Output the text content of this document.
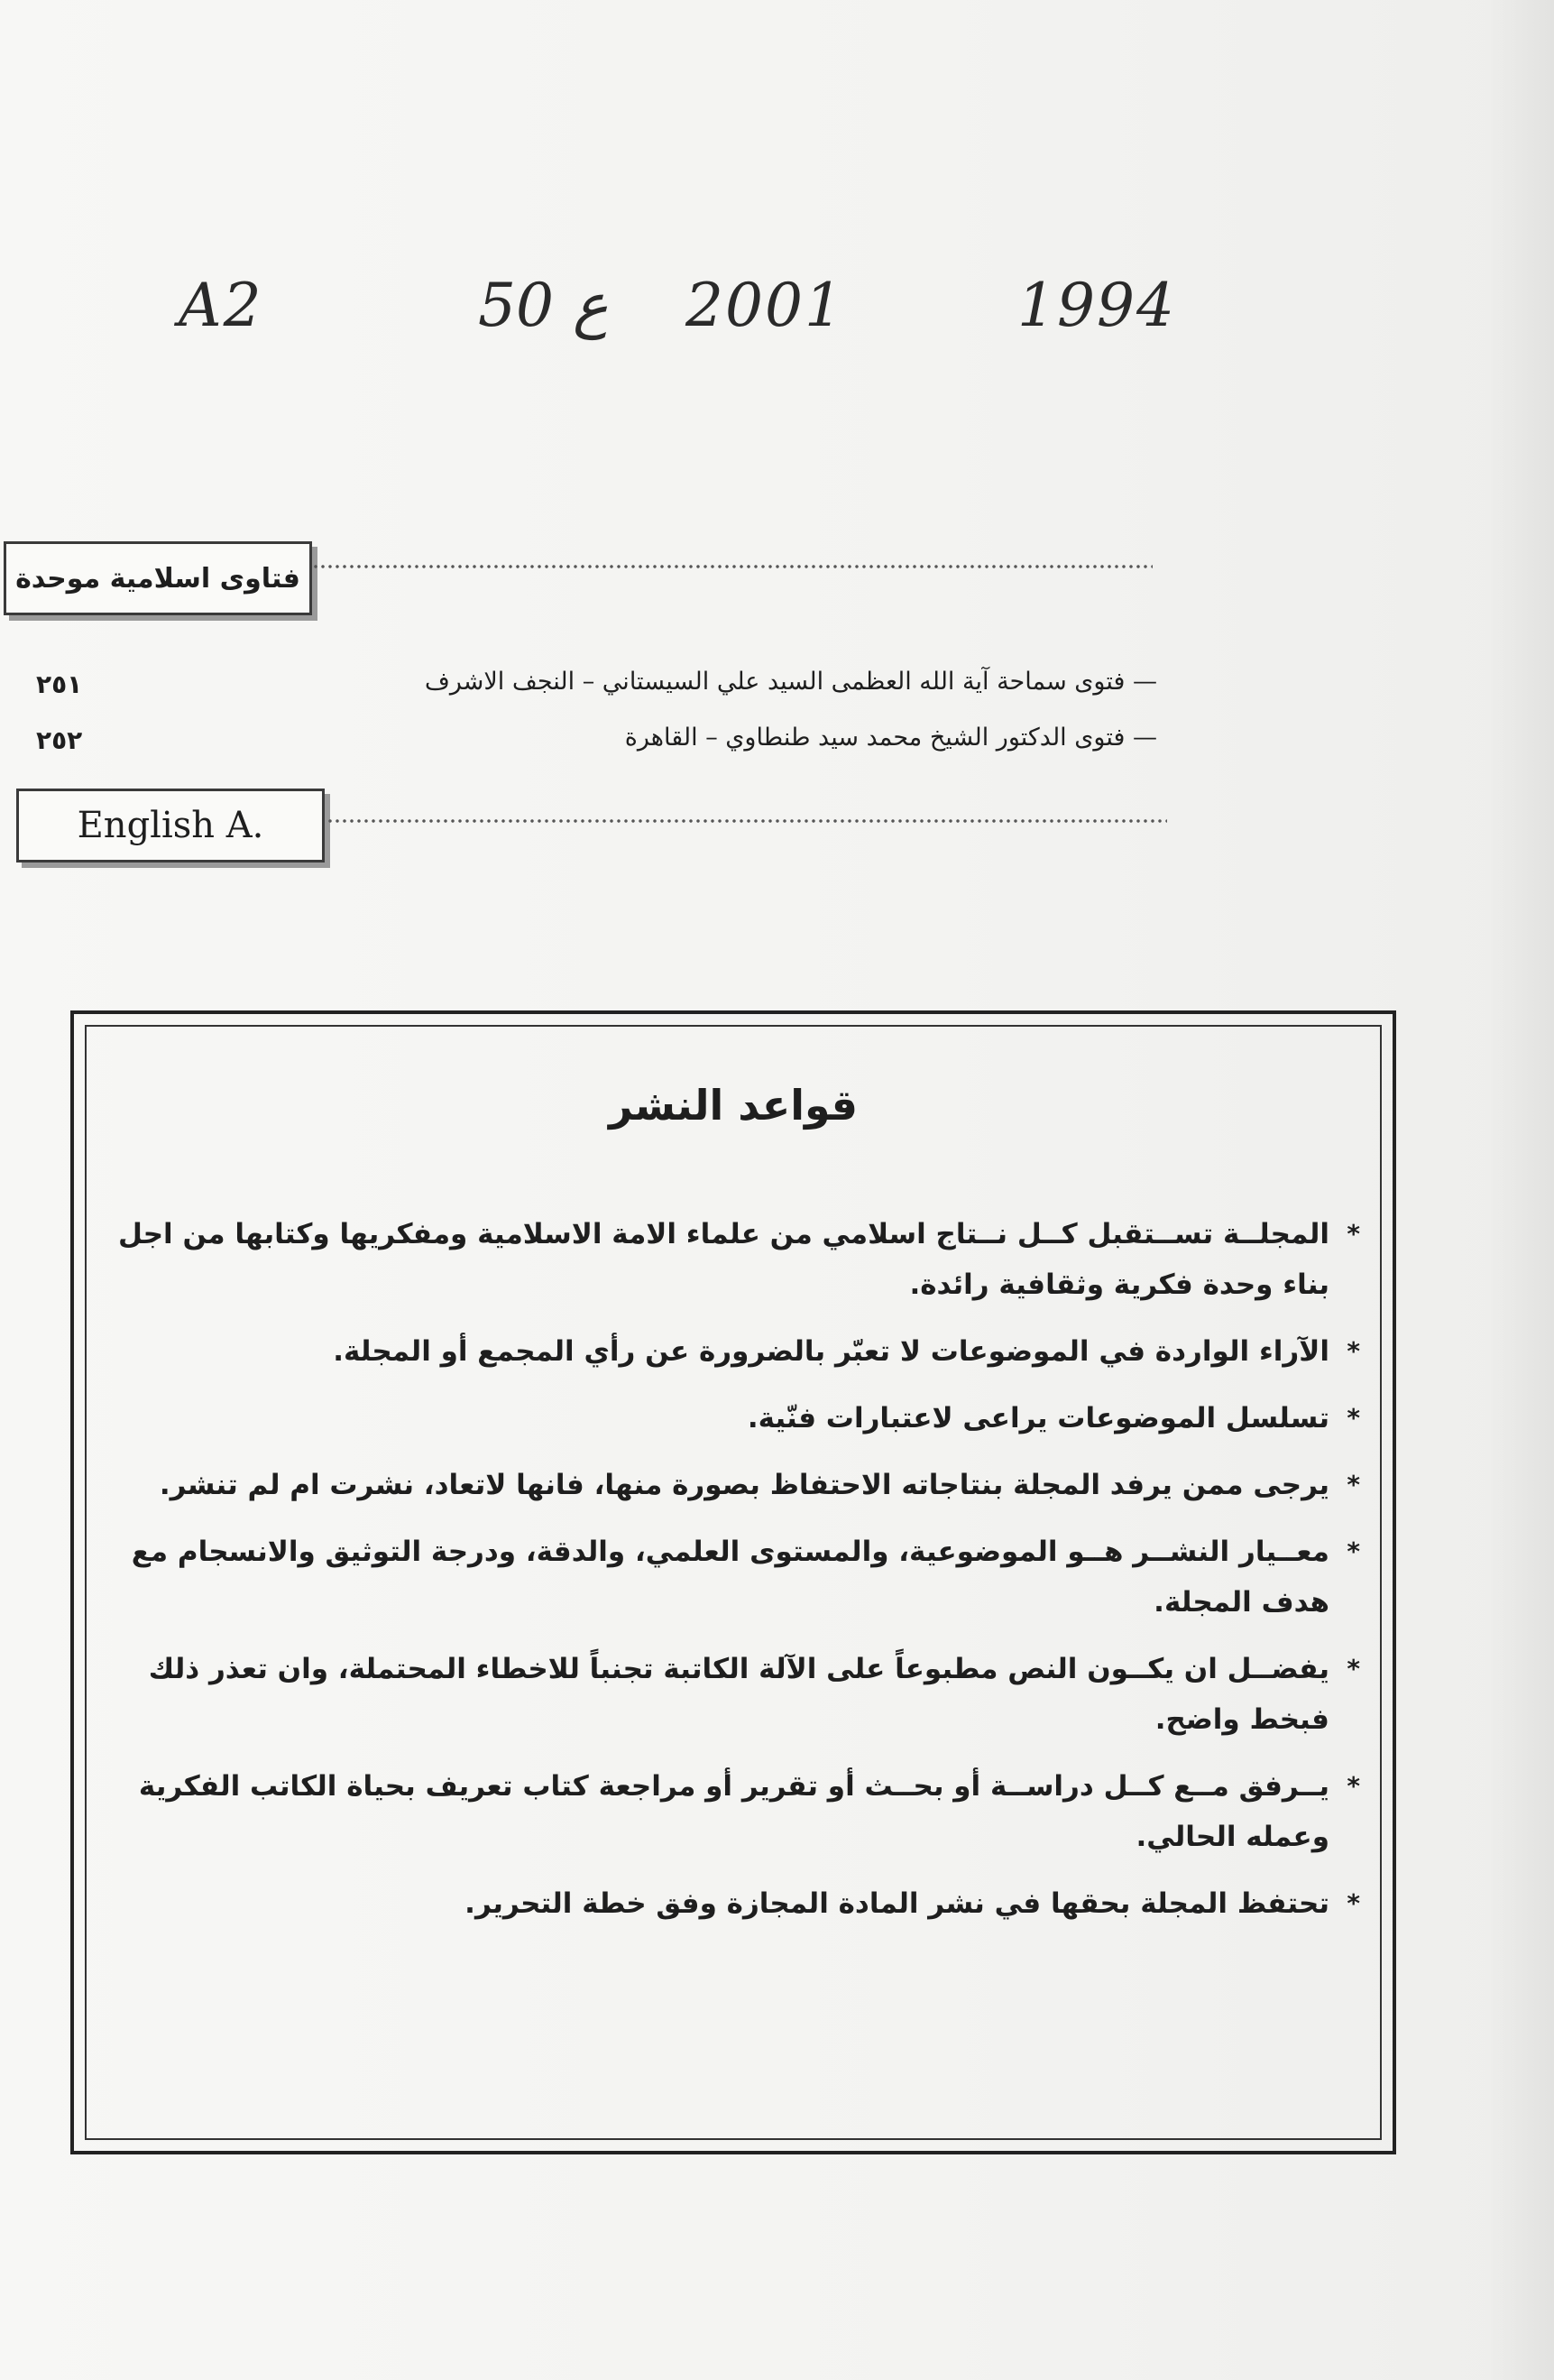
A2	50 ع 2001	1994
فتاوى اسلامية موحدة
— فتوى سماحة آية الله العظمى السيد علي السيستاني – النجف الاشرف
٢٥١
— فتوى الدكتور الشيخ محمد سيد طنطاوي – القاهرة
٢٥٢
English A.
قواعد النشر
*
المجلــة تســتقبل كــل نــتاج اسلامي من علماء الامة الاسلامية ومفكريها وكتابها من اجل بناء وحدة فكرية وثقافية رائدة.
*
الآراء الواردة في الموضوعات لا تعبّر بالضرورة عن رأي المجمع أو المجلة.
*
تسلسل الموضوعات يراعى لاعتبارات فنّية.
*
يرجى ممن يرفد المجلة بنتاجاته الاحتفاظ بصورة منها، فانها لاتعاد، نشرت ام لم تنشر.
*
معــيار النشــر هــو الموضوعية، والمستوى العلمي، والدقة، ودرجة التوثيق والانسجام مع هدف المجلة.
*
يفضــل ان يكــون النص مطبوعاً على الآلة الكاتبة تجنباً للاخطاء المحتملة، وان تعذر ذلك فبخط واضح.
*
يــرفق مــع كــل دراســة أو بحــث أو تقرير أو مراجعة كتاب تعريف بحياة الكاتب الفكرية وعمله الحالي.
*
تحتفظ المجلة بحقها في نشر المادة المجازة وفق خطة التحرير.
